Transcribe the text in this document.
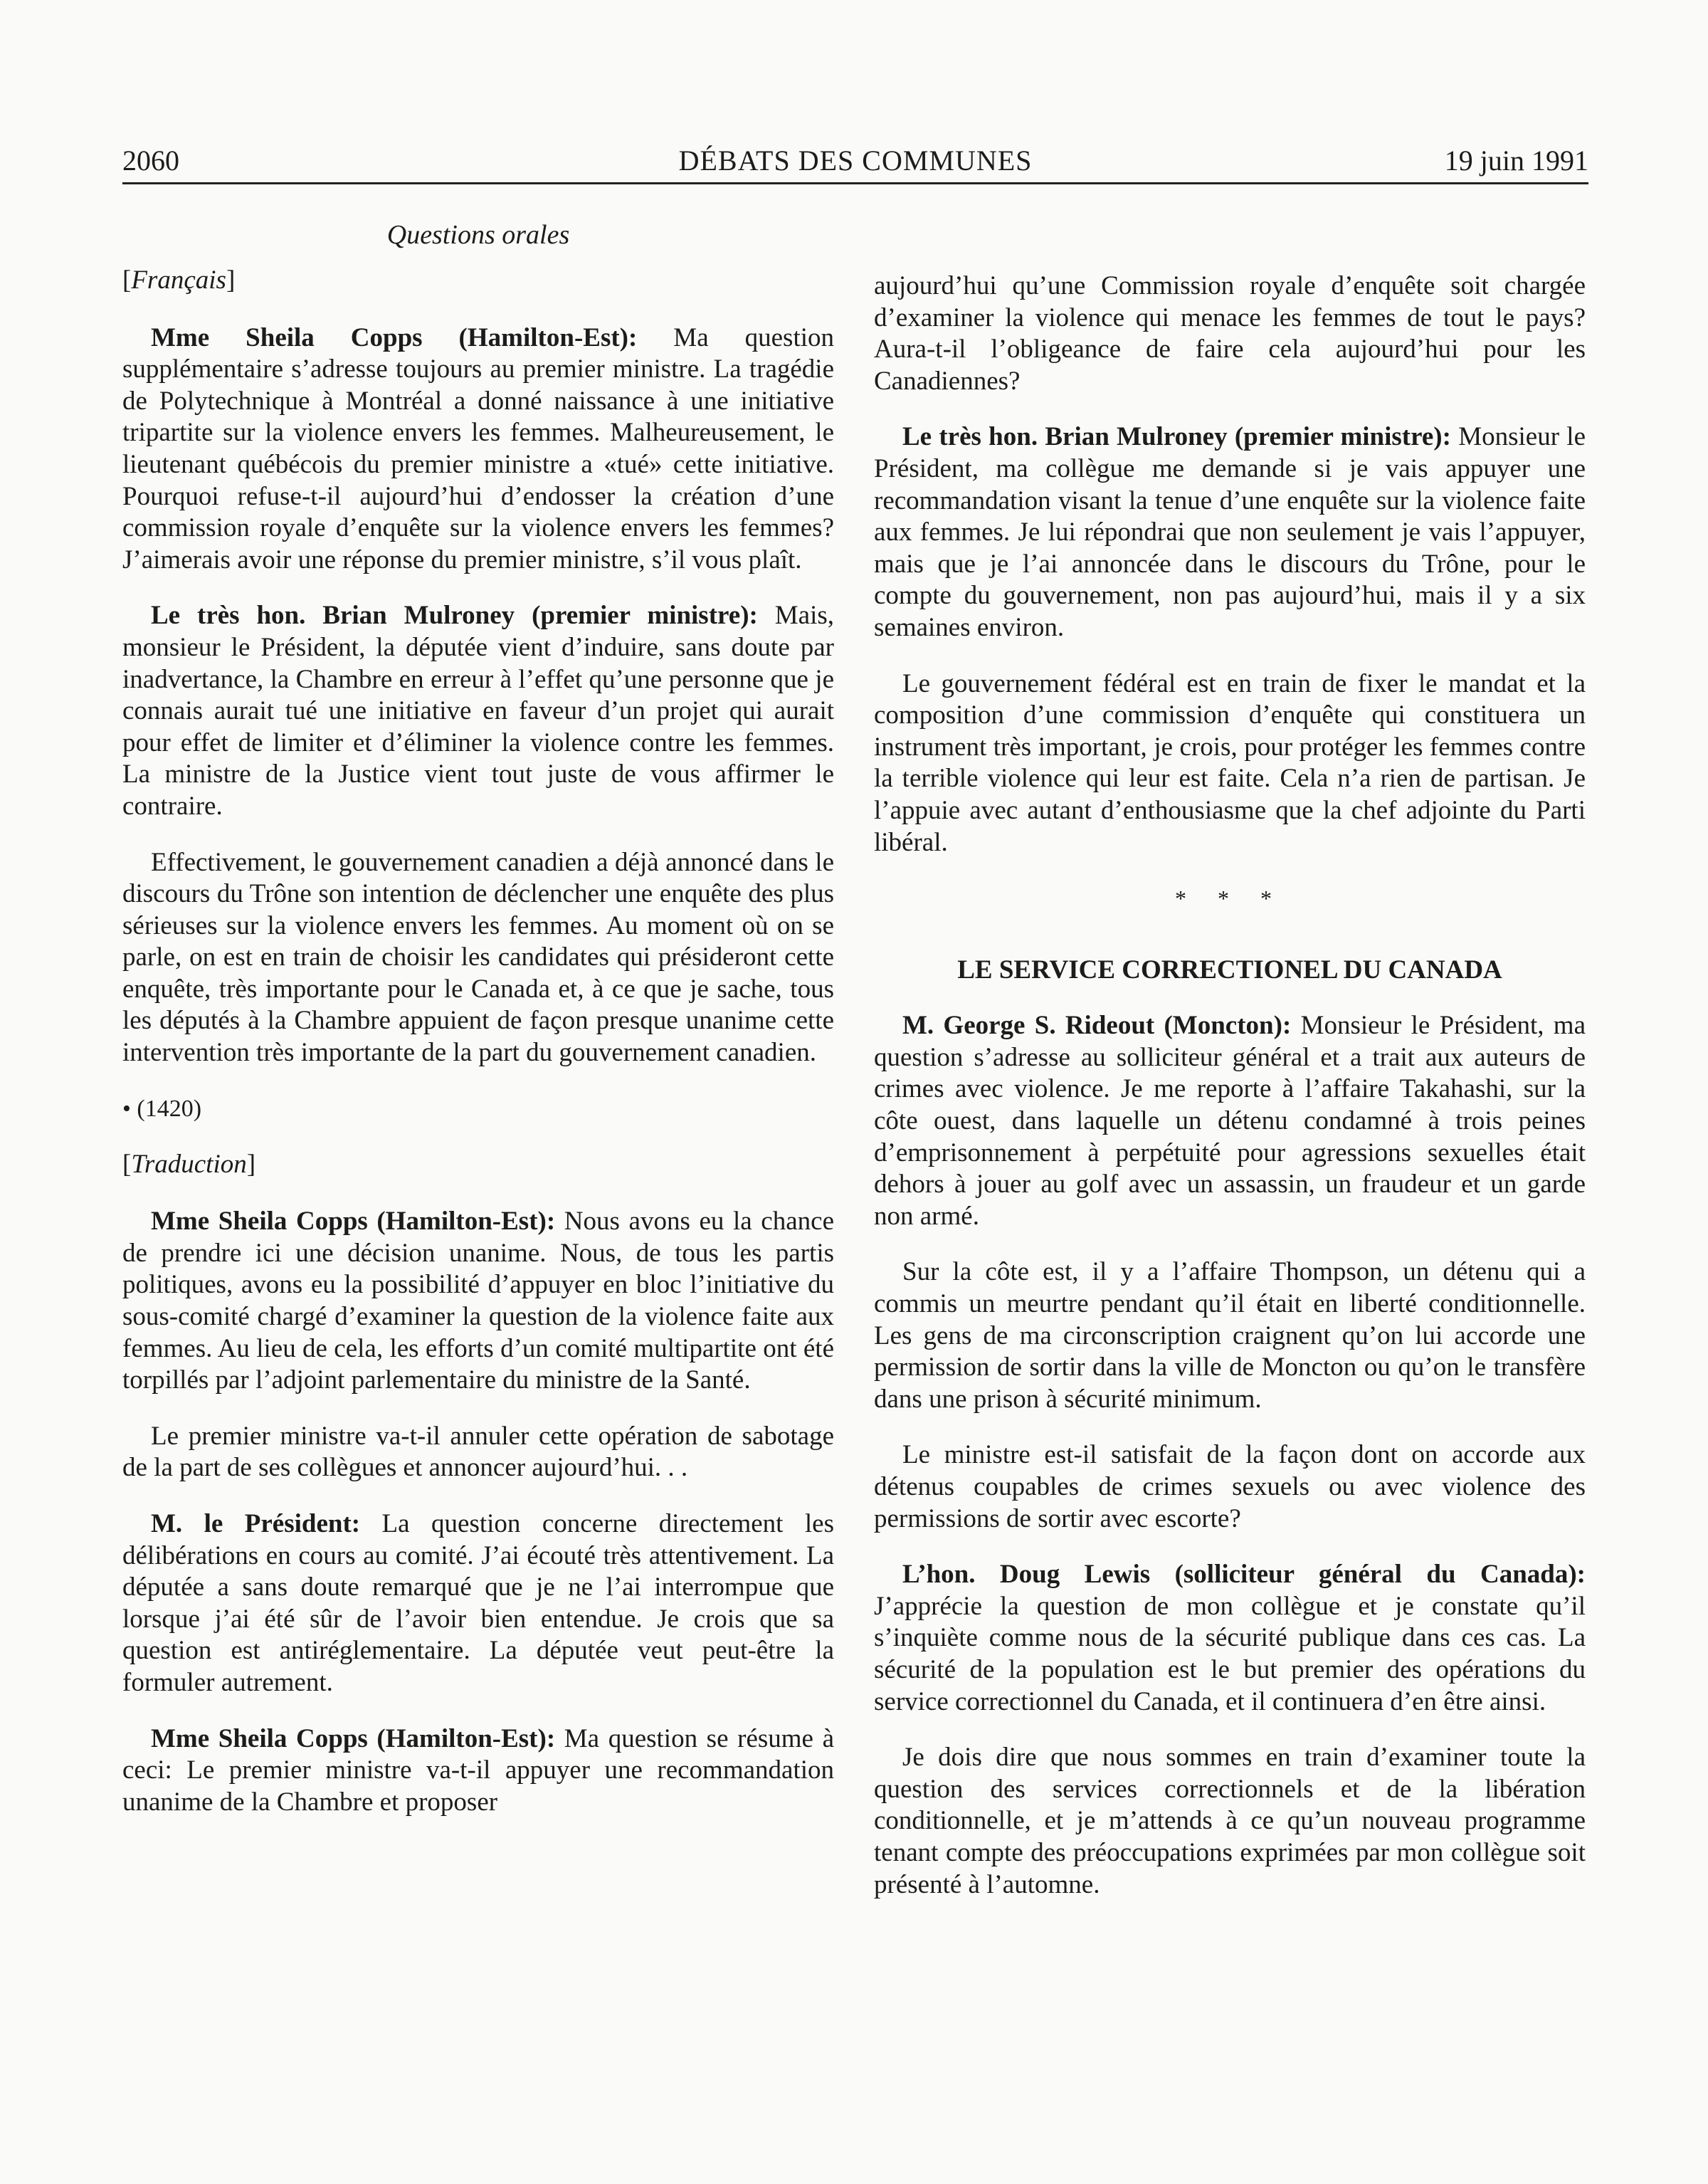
2060	DÉBATS DES COMMUNES	19 juin 1991
Questions orales
[Français]

Mme Sheila Copps (Hamilton-Est): Ma question supplémentaire s’adresse toujours au premier ministre. La tragédie de Polytechnique à Montréal a donné naissance à une initiative tripartite sur la violence envers les femmes. Malheureusement, le lieutenant québécois du premier ministre a «tué» cette initiative. Pourquoi refuse-t-il aujourd’hui d’endosser la création d’une commission royale d’enquête sur la violence envers les femmes? J’aimerais avoir une réponse du premier ministre, s’il vous plaît.

Le très hon. Brian Mulroney (premier ministre): Mais, monsieur le Président, la députée vient d’induire, sans doute par inadvertance, la Chambre en erreur à l’effet qu’une personne que je connais aurait tué une initiative en faveur d’un projet qui aurait pour effet de limiter et d’éliminer la violence contre les femmes. La ministre de la Justice vient tout juste de vous affirmer le contraire.

Effectivement, le gouvernement canadien a déjà annoncé dans le discours du Trône son intention de déclencher une enquête des plus sérieuses sur la violence envers les femmes. Au moment où on se parle, on est en train de choisir les candidates qui présideront cette enquête, très importante pour le Canada et, à ce que je sache, tous les députés à la Chambre appuient de façon presque unanime cette intervention très importante de la part du gouvernement canadien.

• (1420)
[Traduction]

Mme Sheila Copps (Hamilton-Est): Nous avons eu la chance de prendre ici une décision unanime. Nous, de tous les partis politiques, avons eu la possibilité d’appuyer en bloc l’initiative du sous-comité chargé d’examiner la question de la violence faite aux femmes. Au lieu de cela, les efforts d’un comité multipartite ont été torpillés par l’adjoint parlementaire du ministre de la Santé.

Le premier ministre va-t-il annuler cette opération de sabotage de la part de ses collègues et annoncer aujourd’hui. . .

M. le Président: La question concerne directement les délibérations en cours au comité. J’ai écouté très attentivement. La députée a sans doute remarqué que je ne l’ai interrompue que lorsque j’ai été sûr de l’avoir bien entendue. Je crois que sa question est antiréglementaire. La députée veut peut-être la formuler autrement.

Mme Sheila Copps (Hamilton-Est): Ma question se résume à ceci: Le premier ministre va-t-il appuyer une recommandation unanime de la Chambre et proposer

aujourd’hui qu’une Commission royale d’enquête soit chargée d’examiner la violence qui menace les femmes de tout le pays? Aura-t-il l’obligeance de faire cela aujourd’hui pour les Canadiennes?

Le très hon. Brian Mulroney (premier ministre): Monsieur le Président, ma collègue me demande si je vais appuyer une recommandation visant la tenue d’une enquête sur la violence faite aux femmes. Je lui répondrai que non seulement je vais l’appuyer, mais que je l’ai annoncée dans le discours du Trône, pour le compte du gouvernement, non pas aujourd’hui, mais il y a six semaines environ.

Le gouvernement fédéral est en train de fixer le mandat et la composition d’une commission d’enquête qui constituera un instrument très important, je crois, pour protéger les femmes contre la terrible violence qui leur est faite. Cela n’a rien de partisan. Je l’appuie avec autant d’enthousiasme que la chef adjointe du Parti libéral.

* * *
LE SERVICE CORRECTIONEL DU CANADA

M. George S. Rideout (Moncton): Monsieur le Président, ma question s’adresse au solliciteur général et a trait aux auteurs de crimes avec violence. Je me reporte à l’affaire Takahashi, sur la côte ouest, dans laquelle un détenu condamné à trois peines d’emprisonnement à perpétuité pour agressions sexuelles était dehors à jouer au golf avec un assassin, un fraudeur et un garde non armé.

Sur la côte est, il y a l’affaire Thompson, un détenu qui a commis un meurtre pendant qu’il était en liberté conditionnelle. Les gens de ma circonscription craignent qu’on lui accorde une permission de sortir dans la ville de Moncton ou qu’on le transfère dans une prison à sécurité minimum.

Le ministre est-il satisfait de la façon dont on accorde aux détenus coupables de crimes sexuels ou avec violence des permissions de sortir avec escorte?

L’hon. Doug Lewis (solliciteur général du Canada): J’apprécie la question de mon collègue et je constate qu’il s’inquiète comme nous de la sécurité publique dans ces cas. La sécurité de la population est le but premier des opérations du service correctionnel du Canada, et il continuera d’en être ainsi.

Je dois dire que nous sommes en train d’examiner toute la question des services correctionnels et de la libération conditionnelle, et je m’attends à ce qu’un nouveau programme tenant compte des préoccupations exprimées par mon collègue soit présenté à l’automne.
